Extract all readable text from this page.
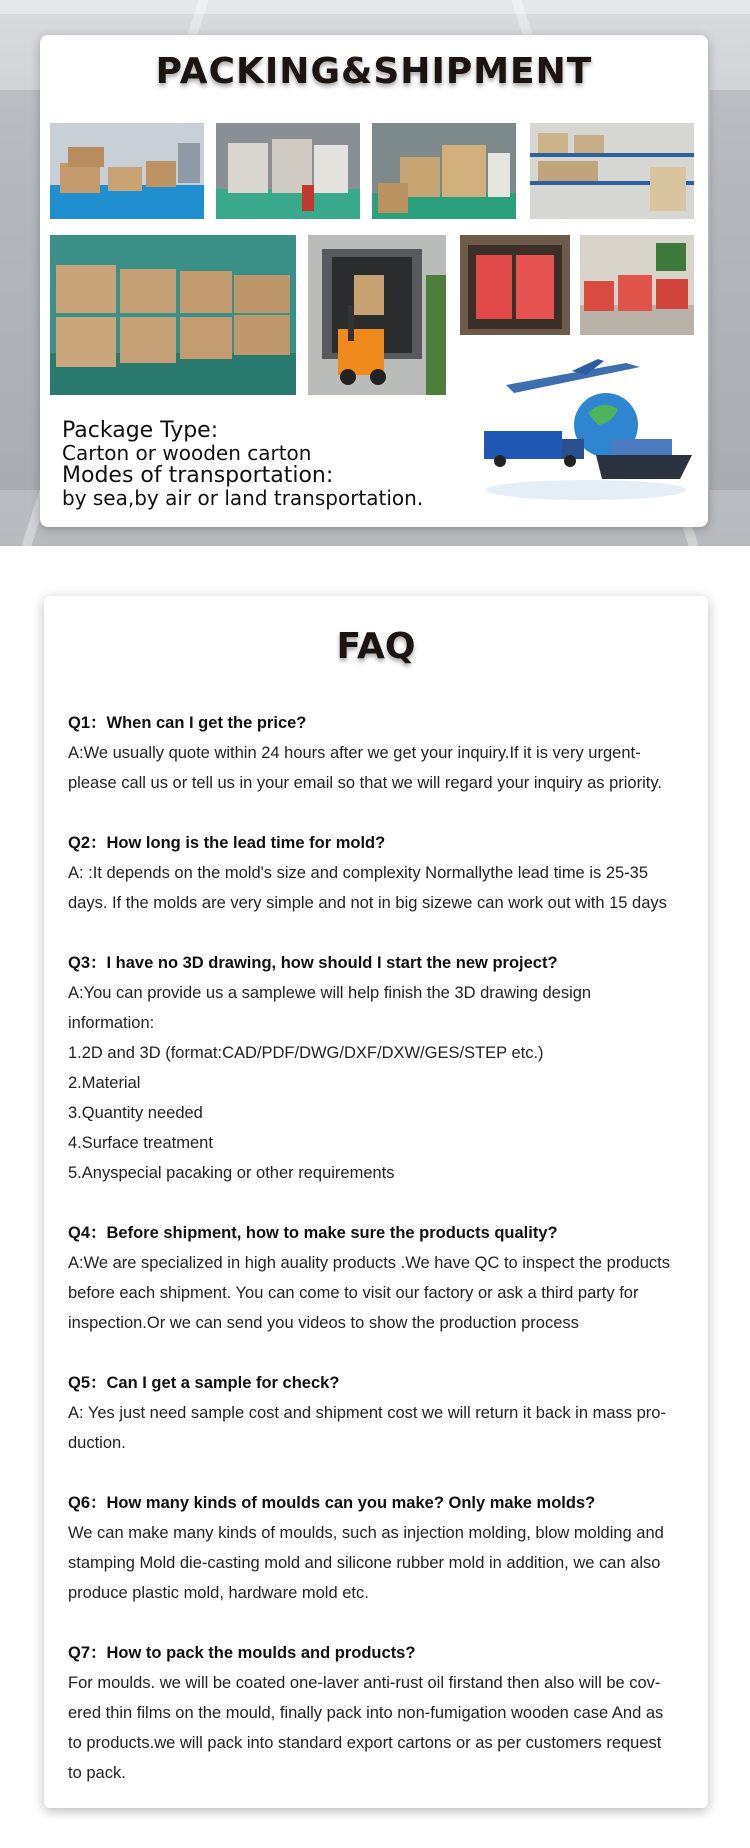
PACKING&SHIPMENT
Package Type:
Carton or wooden carton
Modes of transportation:
by sea,by air or land transportation.
FAQ
Q1：When can I get the price?
A:We usually quote within 24 hours after we get your inquiry.If it is very urgent-
please call us or tell us in your email so that we will regard your inquiry as priority.
Q2：How long is the lead time for mold?
A: :It depends on the mold's size and complexity Normallythe lead time is 25-35
days. If the molds are very simple and not in big sizewe can work out with 15 days
Q3：I have no 3D drawing, how should I start the new project?
A:You can provide us a samplewe will help finish the 3D drawing design
information:
1.2D and 3D (format:CAD/PDF/DWG/DXF/DXW/GES/STEP etc.)
2.Material
3.Quantity needed
4.Surface treatment
5.Anyspecial pacaking or other requirements
Q4：Before shipment, how to make sure the products quality?
A:We are specialized in high auality products .We have QC to inspect the products
before each shipment. You can come to visit our factory or ask a third party for
inspection.Or we can send you videos to show the production process
Q5：Can I get a sample for check?
A: Yes just need sample cost and shipment cost we will return it back in mass pro-
duction.
Q6：How many kinds of moulds can you make? Only make molds?
We can make many kinds of moulds, such as injection molding, blow molding and
stamping Mold die-casting mold and silicone rubber mold in addition, we can also
produce plastic mold, hardware mold etc.
Q7：How to pack the moulds and products?
For moulds. we will be coated one-laver anti-rust oil firstand then also will be cov-
ered thin films on the mould, finally pack into non-fumigation wooden case And as
to products.we will pack into standard export cartons or as per customers request
to pack.
